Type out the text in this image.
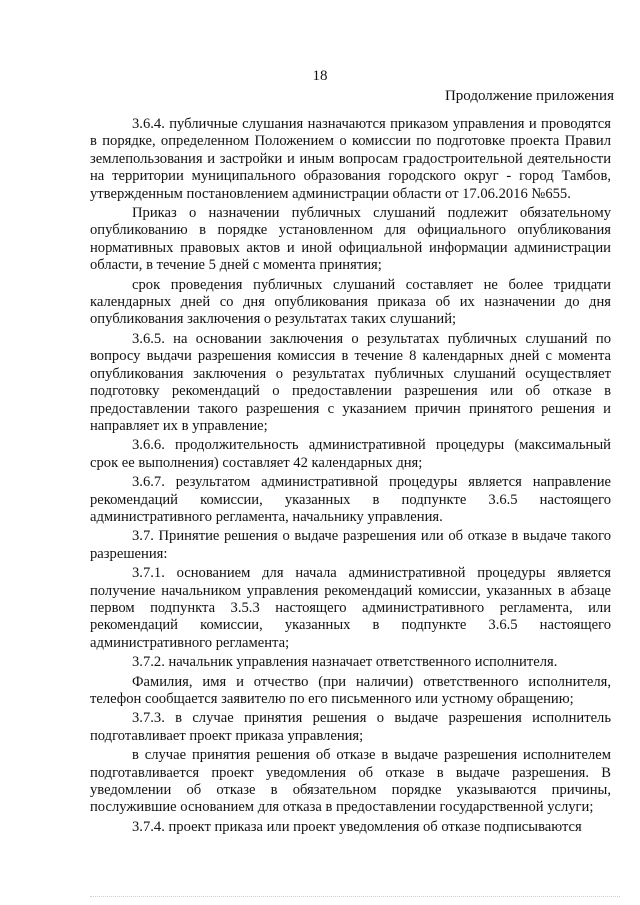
18
Продолжение приложения

3.6.4. публичные слушания назначаются приказом управления и проводятся в порядке, определенном Положением о комиссии по подготовке проекта Правил землепользования и застройки и иным вопросам градостроительной деятельности на территории муниципального образования городского округ - город Тамбов, утвержденным постановлением администрации области от 17.06.2016 №655.

Приказ о назначении публичных слушаний подлежит обязательному опубликованию в порядке установленном для официального опубликования нормативных правовых актов и иной официальной информации администрации области, в течение 5 дней с момента принятия;

срок проведения публичных слушаний составляет не более тридцати календарных дней со дня опубликования приказа об их назначении до дня опубликования заключения о результатах таких слушаний;

3.6.5. на основании заключения о результатах публичных слушаний по вопросу выдачи разрешения комиссия в течение 8 календарных дней с момента опубликования заключения о результатах публичных слушаний осуществляет подготовку рекомендаций о предоставлении разрешения или об отказе в предоставлении такого разрешения с указанием причин принятого решения и направляет их в управление;

3.6.6. продолжительность административной процедуры (максимальный срок ее выполнения) составляет 42 календарных дня;

3.6.7. результатом административной процедуры является направление рекомендаций комиссии, указанных в подпункте 3.6.5 настоящего административного регламента, начальнику управления.

3.7. Принятие решения о выдаче разрешения или об отказе в выдаче такого разрешения:

3.7.1. основанием для начала административной процедуры является получение начальником управления рекомендаций комиссии, указанных в абзаце первом подпункта 3.5.3 настоящего административного регламента, или рекомендаций комиссии, указанных в подпункте 3.6.5 настоящего административного регламента;

3.7.2. начальник управления назначает ответственного исполнителя.

Фамилия, имя и отчество (при наличии) ответственного исполнителя, телефон сообщается заявителю по его письменного или устному обращению;

3.7.3. в случае принятия решения о выдаче разрешения исполнитель подготавливает проект приказа управления;

в случае принятия решения об отказе в выдаче разрешения исполнителем подготавливается проект уведомления об отказе в выдаче разрешения. В уведомлении об отказе в обязательном порядке указываются причины, послужившие основанием для отказа в предоставлении государственной услуги;

3.7.4. проект приказа или проект уведомления об отказе подписываются
